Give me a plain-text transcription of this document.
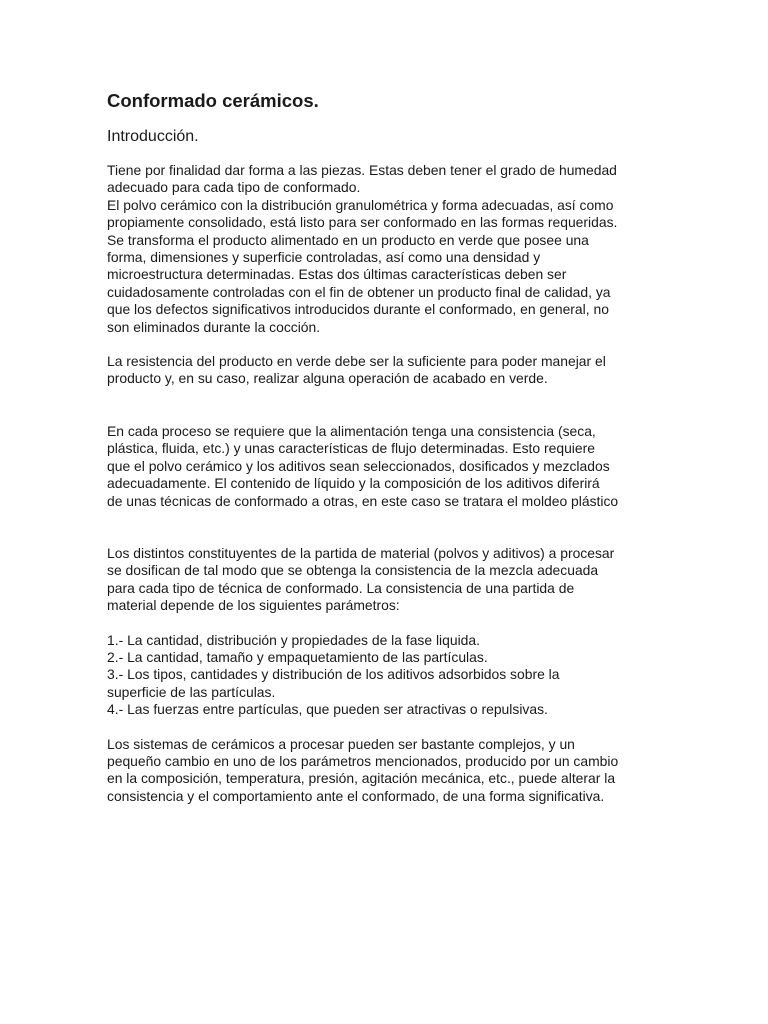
Conformado cerámicos.
Introducción.

Tiene por finalidad dar forma a las piezas. Estas deben tener el grado de humedad
adecuado para cada tipo de conformado.
El polvo cerámico con la distribución granulométrica y forma adecuadas, así como
propiamente consolidado, está listo para ser conformado en las formas requeridas.
Se transforma el producto alimentado en un producto en verde que posee una
forma, dimensiones y superficie controladas, así como una densidad y
microestructura determinadas. Estas dos últimas características deben ser
cuidadosamente controladas con el fin de obtener un producto final de calidad, ya
que los defectos significativos introducidos durante el conformado, en general, no
son eliminados durante la cocción.

La resistencia del producto en verde debe ser la suficiente para poder manejar el
producto y, en su caso, realizar alguna operación de acabado en verde.

En cada proceso se requiere que la alimentación tenga una consistencia (seca,
plástica, fluida, etc.) y unas características de flujo determinadas. Esto requiere
que el polvo cerámico y los aditivos sean seleccionados, dosificados y mezclados
adecuadamente. El contenido de líquido y la composición de los aditivos diferirá
de unas técnicas de conformado a otras, en este caso se tratara el moldeo plástico

Los distintos constituyentes de la partida de material (polvos y aditivos) a procesar
se dosifican de tal modo que se obtenga la consistencia de la mezcla adecuada
para cada tipo de técnica de conformado. La consistencia de una partida de
material depende de los siguientes parámetros:

1.- La cantidad, distribución y propiedades de la fase liquida.
2.- La cantidad, tamaño y empaquetamiento de las partículas.
3.- Los tipos, cantidades y distribución de los aditivos adsorbidos sobre la
superficie de las partículas.
4.- Las fuerzas entre partículas, que pueden ser atractivas o repulsivas.

Los sistemas de cerámicos a procesar pueden ser bastante complejos, y un
pequeño cambio en uno de los parámetros mencionados, producido por un cambio
en la composición, temperatura, presión, agitación mecánica, etc., puede alterar la
consistencia y el comportamiento ante el conformado, de una forma significativa.
